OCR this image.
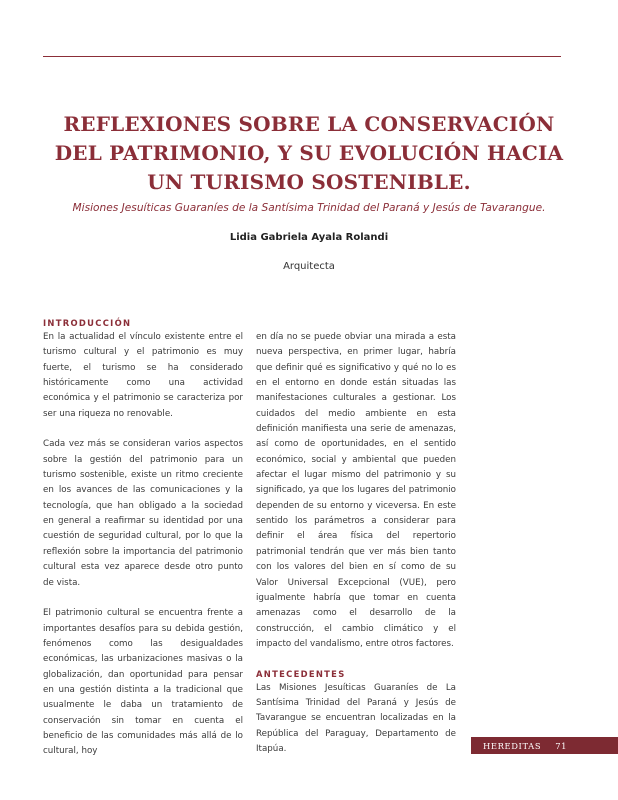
REFLEXIONES SOBRE LA CONSERVACIÓN
DEL PATRIMONIO, Y SU EVOLUCIÓN HACIA
UN TURISMO SOSTENIBLE.
Misiones Jesuíticas Guaraníes de la Santísima Trinidad del Paraná y Jesús de Tavarangue.
Lidia Gabriela Ayala Rolandi
Arquitecta
INTRODUCCIÓN

En la actualidad el vínculo existente entre el turismo cultural y el patrimonio es muy fuerte, el turismo se ha considerado históricamente como una actividad económica y el patrimonio se caracteriza por ser una riqueza no renovable.

Cada vez más se consideran varios aspectos sobre la gestión del patrimonio para un turismo sostenible, existe un ritmo creciente en los avances de las comunicaciones y la tecnología, que han obligado a la sociedad en general a reafirmar su identidad por una cuestión de seguridad cultural, por lo que la reflexión sobre la importancia del patrimonio cultural esta vez aparece desde otro punto de vista.

El patrimonio cultural se encuentra frente a importantes desafíos para su debida gestión, fenómenos como las desigualdades económicas, las urbanizaciones masivas o la globalización, dan oportunidad para pensar en una gestión distinta a la tradicional que usualmente le daba un tratamiento de conservación sin tomar en cuenta el beneficio de las comunidades más allá de lo cultural, hoy

en día no se puede obviar una mirada a esta nueva perspectiva, en primer lugar, habría que definir qué es significativo y qué no lo es en el entorno en donde están situadas las manifestaciones culturales a gestionar. Los cuidados del medio ambiente en esta definición manifiesta una serie de amenazas, así como de oportunidades, en el sentido económico, social y ambiental que pueden afectar el lugar mismo del patrimonio y su significado, ya que los lugares del patrimonio dependen de su entorno y viceversa. En este sentido los parámetros a considerar para definir el área física del repertorio patrimonial tendrán que ver más bien tanto con los valores del bien en sí como de su Valor Universal Excepcional (VUE), pero igualmente habría que tomar en cuenta amenazas como el desarrollo de la construcción, el cambio climático y el impacto del vandalismo, entre otros factores.

ANTECEDENTES

Las Misiones Jesuíticas Guaraníes de La Santísima Trinidad del Paraná y Jesús de Tavarangue se encuentran localizadas en la República del Paraguay, Departamento de Itapúa.	HEREDITAS 71
